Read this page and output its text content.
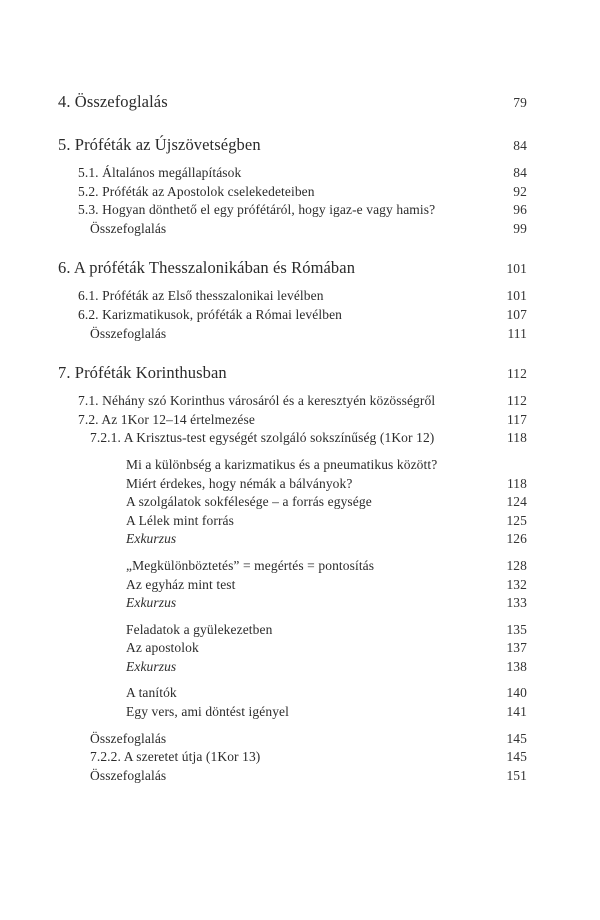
4. Összefoglalás	79
5. Próféták az Újszövetségben	84
5.1. Általános megállapítások	84
5.2. Próféták az Apostolok cselekedeteiben	92
5.3. Hogyan dönthető el egy prófétáról, hogy igaz-e vagy hamis?	96
Összefoglalás	99
6. A próféták Thesszalonikában és Rómában	101
6.1. Próféták az Első thesszalonikai levélben	101
6.2. Karizmatikusok, próféták a Római levélben	107
Összefoglalás	111
7. Próféták Korinthusban	112
7.1. Néhány szó Korinthus városáról és a keresztyén közösségről	112
7.2. Az 1Kor 12–14 értelmezése	117
7.2.1. A Krisztus-test egységét szolgáló sokszínűség (1Kor 12)	118
Mi a különbség a karizmatikus és a pneumatikus között?
Miért érdekes, hogy némák a bálványok?	118
A szolgálatok sokfélesége – a forrás egysége	124
A Lélek mint forrás	125
Exkurzus	126
„Megkülönböztetés” = megértés = pontosítás	128
Az egyház mint test	132
Exkurzus	133
Feladatok a gyülekezetben	135
Az apostolok	137
Exkurzus	138
A tanítók	140
Egy vers, ami döntést igényel	141
Összefoglalás	145
7.2.2. A szeretet útja (1Kor 13)	145
Összefoglalás	151
